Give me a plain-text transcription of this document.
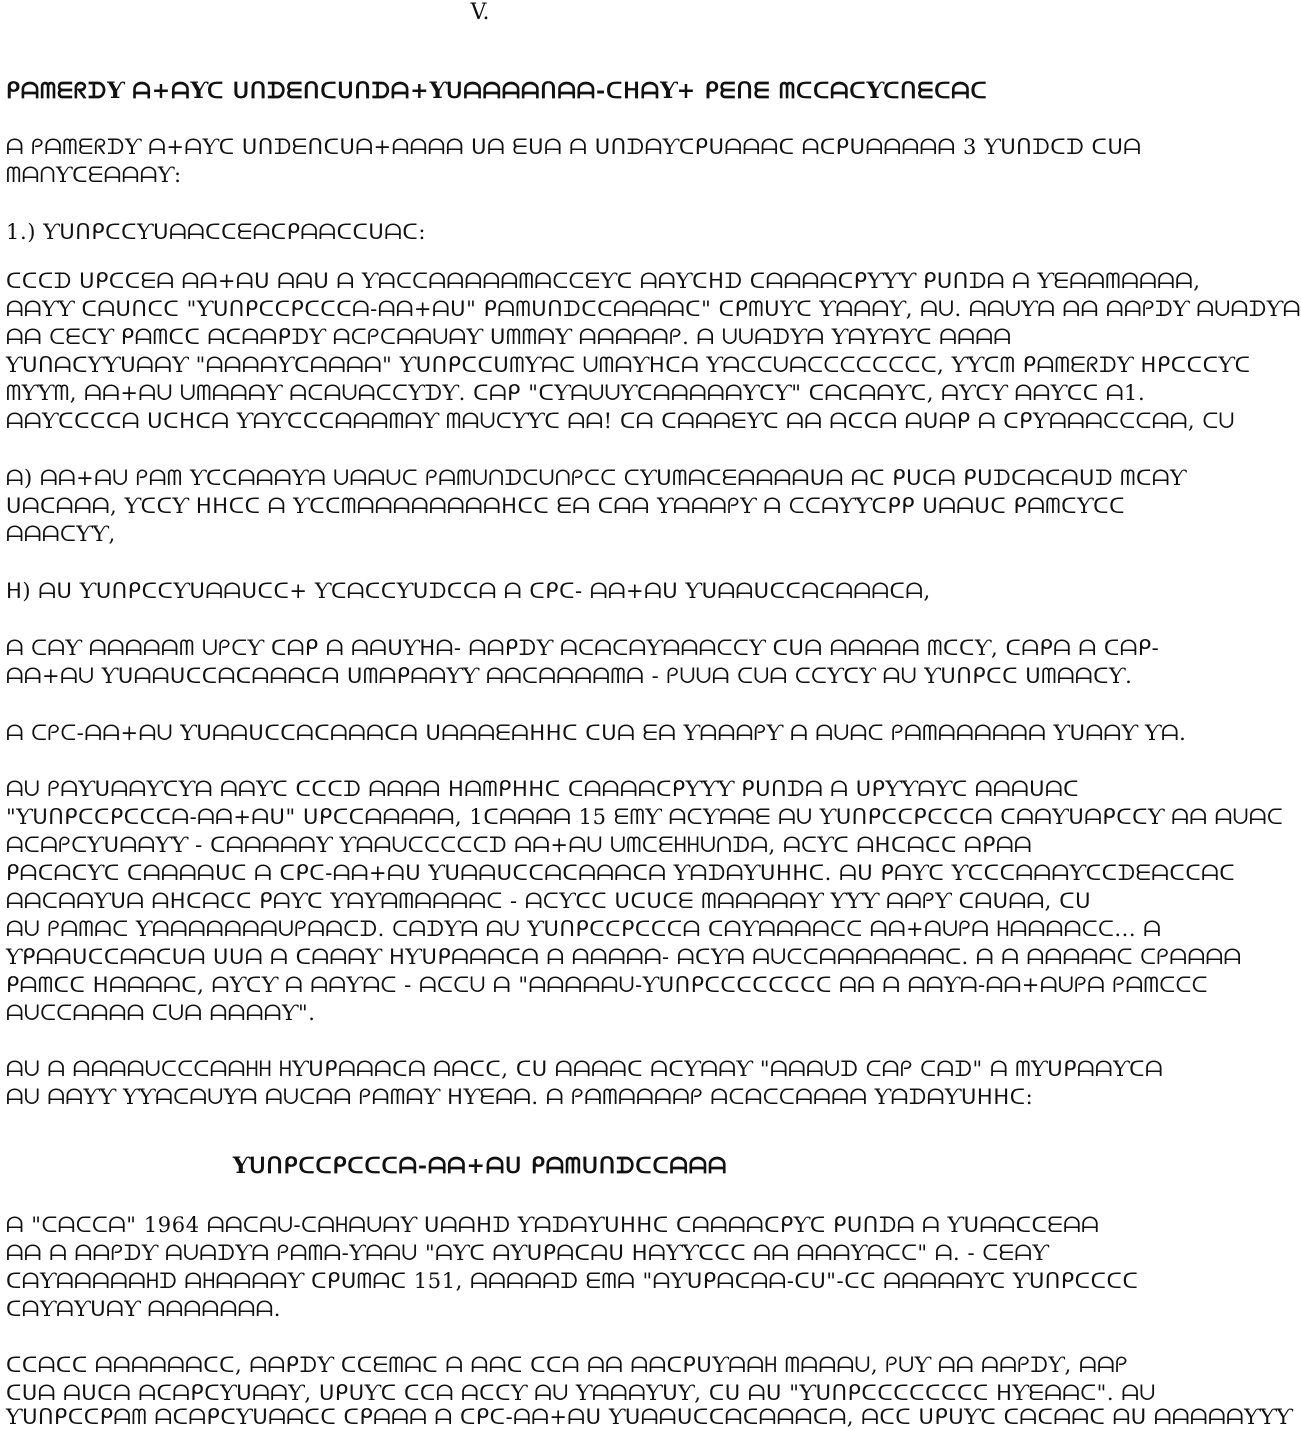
V.
ᑭᗩᗰᗴᖇᗪƳ ᗩ+ᗩƳᑕ ᑌᑎᗪᗴᑎᑕᑌᑎᗪᗩ+Ƴᑌᗩᗩᗩᗩᑎᗩᗩ-ᑕᕼᗩƳ+ ᑭᗴᑎᗴ ᗰᑕᑕᗩᑕƳᑕᑎᗴᑕᗩᑕ
ᗩ ᑭᗩᗰᗴᖇᗪƳ ᗩ+ᗩƳᑕ ᑌᑎᗪᗴᑎᑕᑌᗩ+ᗩᗩᗩᗩ ᑌᗩ ᗴᑌᗩ ᗩ ᑌᑎᗪᗩƳᑕᑭᑌᗩᗩᗩᑕ ᗩᑕᑭᑌᗩᗩᗩᗩᗩ 3 Ƴᑌᑎᗪᑕᗪ ᑕᑌᗩ
ᗰᗩᑎƳᑕᗴᗩᗩᗩƳ:
1.) ƳᑌᑎᑭᑕᑕƳᑌᗩᗩᑕᑕᗴᗩᑕᑭᗩᗩᑕᑕᑌᗩᑕ:
ᑕᑕᑕᗪ ᑌᑭᑕᑕᗴᗩ ᗩᗩ+ᗩᑌ ᗩᗩᑌ ᗩ ƳᗩᑕᑕᗩᗩᗩᗩᗩᗰᗩᑕᑕᗴƳᑕ ᗩᗩƳᑕᕼᗪ ᑕᗩᗩᗩᗩᑕᑭƳƳƳ ᑭᑌᑎᗪᗩ ᗩ Ƴᗴᗩᗩᗰᗩᗩᗩᗩ,
ᗩᗩƳƳ ᑕᗩᑌᑎᑕᑕ "Ƴᑌᑎᑭᑕᑕᑭᑕᑕᑕᗩ-ᗩᗩ+ᗩᑌ" ᑭᗩᗰᑌᑎᗪᑕᑕᗩᗩᗩᗩᑕ" ᑕᑭᗰᑌƳᑕ ƳᗩᗩᗩƳ, ᗩᑌ. ᗩᗩᑌƳᗩ ᗩᗩ ᗩᗩᑭᗪƳ ᗩᑌᗩᗪƳᗩ
ᗩᗩ ᑕᗴᑕƳ ᑭᗩᗰᑕᑕ ᗩᑕᗩᗩᑭᗪƳ ᗩᑕᑭᑕᗩᗩᑌᗩƳ ᑌᗰᗰᗩƳ ᗩᗩᗩᗩᗩᑭ. ᗩ ᑌᑌᗩᗪƳᗩ ƳᗩƳᗩƳᑕ ᗩᗩᗩᗩ
ƳᑌᑎᗩᑕƳƳᑌᗩᗩƳ "ᗩᗩᗩᗩƳᑕᗩᗩᗩᗩ" ƳᑌᑎᑭᑕᑕᑌᗰƳᗩᑕ ᑌᗰᗩƳᕼᑕᗩ Ƴᗩᑕᑕᑌᗩᑕᑕᑕᑕᑕᑕᑕᑕ, ƳƳᑕᗰ ᑭᗩᗰᗴᖇᗪƳ ᕼᑭᑕᑕᑕƳᑕ
ᗰƳƳᗰ, ᗩᗩ+ᗩᑌ ᑌᗰᗩᗩᗩƳ ᗩᑕᗩᑌᗩᑕᑕƳᗪƳ. ᑕᗩᑭ "ᑕƳᗩᑌᑌƳᑕᗩᗩᗩᗩᗩƳᑕƳ" ᑕᗩᑕᗩᗩƳᑕ, ᗩƳᑕƳ ᗩᗩƳᑕᑕ ᗩ1.
ᗩᗩƳᑕᑕᑕᑕᗩ ᑌᑕᕼᑕᗩ ƳᗩƳᑕᑕᑕᗩᗩᗩᗰᗩƳ ᗰᗩᑌᑕƳƳᑕ ᗩᗩ! ᑕᗩ ᑕᗩᗩᗩᗴƳᑕ ᗩᗩ ᗩᑕᑕᗩ ᗩᑌᗩᑭ ᗩ ᑕᑭƳᗩᗩᗩᑕᑕᑕᗩᗩ, ᑕᑌ
ᗩ) ᗩᗩ+ᗩᑌ ᑭᗩᗰ ƳᑕᑕᗩᗩᗩƳᗩ ᑌᗩᗩᑌᑕ ᑭᗩᗰᑌᑎᗪᑕᑌᑎᑭᑕᑕ ᑕƳᑌᗰᗩᑕᗴᗩᗩᗩᗩᑌᗩ ᗩᑕ ᑭᑌᑕᗩ ᑭᑌᗪᑕᗩᑕᗩᑌᗪ ᗰᑕᗩƳ
ᑌᗩᑕᗩᗩᗩ, ƳᑕᑕƳ ᕼᕼᑕᑕ ᗩ Ƴᑕᑕᗰᗩᗩᗩᗩᗩᗩᗩᗩᕼᑕᑕ ᗴᗩ ᑕᗩᗩ ƳᗩᗩᗩᑭƳ ᗩ ᑕᑕᗩƳƳᑕᑭᑭ ᑌᗩᗩᑌᑕ ᑭᗩᗰᑕƳᑕᑕ
ᗩᗩᗩᑕƳƳ,
ᕼ) ᗩᑌ ƳᑌᑎᑭᑕᑕƳᑌᗩᗩᑌᑕᑕ+ ƳᑕᗩᑕᑕƳᑌᗪᑕᑕᗩ ᗩ ᑕᑭᑕ- ᗩᗩ+ᗩᑌ Ƴᑌᗩᗩᑌᑕᑕᗩᑕᗩᗩᗩᑕᗩ,
ᗩ ᑕᗩƳ ᗩᗩᗩᗩᗩᗰ ᑌᑭᑕƳ ᑕᗩᑭ ᗩ ᗩᗩᑌƳᕼᗩ- ᗩᗩᑭᗪƳ ᗩᑕᗩᑕᗩƳᗩᗩᗩᑕᑕƳ ᑕᑌᗩ ᗩᗩᗩᗩᗩ ᗰᑕᑕƳ, ᑕᗩᑭᗩ ᗩ ᑕᗩᑭ-
ᗩᗩ+ᗩᑌ Ƴᑌᗩᗩᑌᑕᑕᗩᑕᗩᗩᗩᑕᗩ ᑌᗰᗩᑭᗩᗩƳƳ ᗩᗩᑕᗩᗩᗩᗩᗰᗩ - ᑭᑌᑌᗩ ᑕᑌᗩ ᑕᑕƳᑕƳ ᗩᑌ Ƴᑌᑎᑭᑕᑕ ᑌᗰᗩᗩᑕƳ.
ᗩ ᑕᑭᑕ-ᗩᗩ+ᗩᑌ Ƴᑌᗩᗩᑌᑕᑕᗩᑕᗩᗩᗩᑕᗩ ᑌᗩᗩᗩᗴᗩᕼᕼᑕ ᑕᑌᗩ ᗴᗩ ƳᗩᗩᗩᑭƳ ᗩ ᗩᑌᗩᑕ ᑭᗩᗰᗩᗩᗩᗩᗩᗩ ƳᑌᗩᗩƳ Ƴᗩ.
ᗩᑌ ᑭᗩƳᑌᗩᗩƳᑕƳᗩ ᗩᗩƳᑕ ᑕᑕᑕᗪ ᗩᗩᗩᗩ ᕼᗩᗰᑭᕼᕼᑕ ᑕᗩᗩᗩᗩᑕᑭƳƳƳ ᑭᑌᑎᗪᗩ ᗩ ᑌᑭƳƳᗩƳᑕ ᗩᗩᗩᑌᗩᑕ
"Ƴᑌᑎᑭᑕᑕᑭᑕᑕᑕᗩ-ᗩᗩ+ᗩᑌ" ᑌᑭᑕᑕᗩᗩᗩᗩᗩ, 1ᑕᗩᗩᗩᗩ 15 ᗴᗰƳ ᗩᑕƳᗩᗩᗴ ᗩᑌ Ƴᑌᑎᑭᑕᑕᑭᑕᑕᑕᗩ ᑕᗩᗩƳᑌᗩᑭᑕᑕƳ ᗩᗩ ᗩᑌᗩᑕ
ᗩᑕᗩᑭᑕƳᑌᗩᗩƳƳ - ᑕᗩᗩᗩᗩᗩƳ Ƴᗩᗩᑌᑕᑕᑕᑕᑕᗪ ᗩᗩ+ᗩᑌ ᑌᗰᑕᗴᕼᕼᑌᑎᗪᗩ, ᗩᑕƳᑕ ᗩᕼᑕᗩᑕᑕ ᗩᑭᗩᗩ
ᑭᗩᑕᗩᑕƳᑕ ᑕᗩᗩᗩᗩᑌᑕ ᗩ ᑕᑭᑕ-ᗩᗩ+ᗩᑌ Ƴᑌᗩᗩᑌᑕᑕᗩᑕᗩᗩᗩᑕᗩ ƳᗩᗪᗩƳᑌᕼᕼᑕ. ᗩᑌ ᑭᗩƳᑕ ƳᑕᑕᑕᗩᗩᗩƳᑕᑕᗪᗴᗩᑕᑕᗩᑕ
ᗩᗩᑕᗩᗩƳᑌᗩ ᗩᕼᑕᗩᑕᑕ ᑭᗩƳᑕ ƳᗩƳᗩᗰᗩᗩᗩᗩᑕ - ᗩᑕƳᑕᑕ ᑌᑕᑌᑕᗴ ᗰᗩᗩᗩᗩᗩƳ ƳƳƳ ᗩᗩᑭƳ ᑕᗩᑌᗩᗩ, ᑕᑌ
ᗩᑌ ᑭᗩᗰᗩᑕ Ƴᗩᗩᗩᗩᗩᗩᗩᑌᑭᗩᗩᑕᗪ. ᑕᗩᗪƳᗩ ᗩᑌ Ƴᑌᑎᑭᑕᑕᑭᑕᑕᑕᗩ ᑕᗩƳᗩᗩᗩᗩᑕᑕ ᗩᗩ+ᗩᑌᑭᗩ ᕼᗩᗩᗩᗩᑕᑕ... ᗩ
Ƴᑭᗩᗩᑌᑕᑕᗩᗩᑕᑌᗩ ᑌᑌᗩ ᗩ ᑕᗩᗩᗩƳ ᕼƳᑌᑭᗩᗩᗩᑕᗩ ᗩ ᗩᗩᗩᗩᗩ- ᗩᑕƳᗩ ᗩᑌᑕᑕᗩᗩᗩᗩᗩᗩᗩᑕ. ᗩ ᗩ ᗩᗩᗩᗩᗩᑕ ᑕᑭᗩᗩᗩᗩ
ᑭᗩᗰᑕᑕ ᕼᗩᗩᗩᗩᑕ, ᗩƳᑕƳ ᗩ ᗩᗩƳᗩᑕ - ᗩᑕᑕᑌ ᗩ "ᗩᗩᗩᗩᗩᑌ-Ƴᑌᑎᑭᑕᑕᑕᑕᑕᑕᑕᑕ ᗩᗩ ᗩ ᗩᗩƳᗩ-ᗩᗩ+ᗩᑌᑭᗩ ᑭᗩᗰᑕᑕᑕ
ᗩᑌᑕᑕᗩᗩᗩᗩ ᑕᑌᗩ ᗩᗩᗩᗩƳ".
ᗩᑌ ᗩ ᗩᗩᗩᗩᑌᑕᑕᑕᗩᗩᕼᕼ ᕼƳᑌᑭᗩᗩᗩᑕᗩ ᗩᗩᑕᑕ, ᑕᑌ ᗩᗩᗩᗩᑕ ᗩᑕƳᗩᗩƳ "ᗩᗩᗩᑌᗪ ᑕᗩᑭ ᑕᗩᗪ" ᗩ ᗰƳᑌᑭᗩᗩƳᑕᗩ
ᗩᑌ ᗩᗩƳƳ ƳƳᗩᑕᗩᑌƳᗩ ᗩᑌᑕᗩᗩ ᑭᗩᗰᗩƳ ᕼƳᗴᗩᗩ. ᗩ ᑭᗩᗰᗩᗩᗩᗩᑭ ᗩᑕᗩᑕᑕᗩᗩᗩᗩ ƳᗩᗪᗩƳᑌᕼᕼᑕ:
Ƴᑌᑎᑭᑕᑕᑭᑕᑕᑕᗩ-ᗩᗩ+ᗩᑌ ᑭᗩᗰᑌᑎᗪᑕᑕᗩᗩᗩ
ᗩ "ᑕᗩᑕᑕᗩ" 1964 ᗩᗩᑕᗩᑌ-ᑕᗩᕼᗩᑌᗩƳ ᑌᗩᗩᕼᗪ ƳᗩᗪᗩƳᑌᕼᕼᑕ ᑕᗩᗩᗩᗩᑕᑭƳᑕ ᑭᑌᑎᗪᗩ ᗩ Ƴᑌᗩᗩᑕᑕᗴᗩᗩ
ᗩᗩ ᗩ ᗩᗩᑭᗪƳ ᗩᑌᗩᗪƳᗩ ᑭᗩᗰᗩ-Ƴᗩᗩᑌ "ᗩƳᑕ ᗩƳᑌᑭᗩᑕᗩᑌ ᕼᗩƳƳᑕᑕᑕ ᗩᗩ ᗩᗩᗩƳᗩᑕᑕ" ᗩ. - ᑕᗴᗩƳ
ᑕᗩƳᗩᗩᗩᗩᗩᕼᗪ ᗩᕼᗩᗩᗩᗩƳ ᑕᑭᑌᗰᗩᑕ 151, ᗩᗩᗩᗩᗩᗪ ᗴᗰᗩ "ᗩƳᑌᑭᗩᑕᗩᗩ-ᑕᑌ"-ᑕᑕ ᗩᗩᗩᗩᗩƳᑕ Ƴᑌᑎᑭᑕᑕᑕᑕ
ᑕᗩƳᗩƳᑌᗩƳ ᗩᗩᗩᗩᗩᗩᗩ.
ᑕᑕᗩᑕᑕ ᗩᗩᗩᗩᗩᗩᑕᑕ, ᗩᗩᑭᗪƳ ᑕᑕᗴᗰᗩᑕ ᗩ ᗩᗩᑕ ᑕᑕᗩ ᗩᗩ ᗩᗩᑕᑭᑌƳᗩᗩᕼ ᗰᗩᗩᗩᑌ, ᑭᑌƳ ᗩᗩ ᗩᗩᑭᗪƳ, ᗩᗩᑭ
ᑕᑌᗩ ᗩᑌᑕᗩ ᗩᑕᗩᑭᑕƳᑌᗩᗩƳ, ᑌᑭᑌƳᑕ ᑕᑕᗩ ᗩᑕᑕƳ ᗩᑌ ƳᗩᗩᗩƳᑌƳ, ᑕᑌ ᗩᑌ "Ƴᑌᑎᑭᑕᑕᑕᑕᑕᑕᑕᑕ ᕼƳᗴᗩᗩᑕ". ᗩᑌ
Ƴᑌᑎᑭᑕᑕᑭᗩᗰ ᗩᑕᗩᑭᑕƳᑌᗩᗩᑕᑕ ᑕᑭᗩᗩᗩ ᗩ ᑕᑭᑕ-ᗩᗩ+ᗩᑌ Ƴᑌᗩᗩᑌᑕᑕᗩᑕᗩᗩᗩᑕᗩ, ᗩᑕᑕ ᑌᑭᑌƳᑕ ᑕᗩᑕᗩᗩᑕ ᗩᑌ ᗩᗩᗩᗩᗩƳƳƳ
